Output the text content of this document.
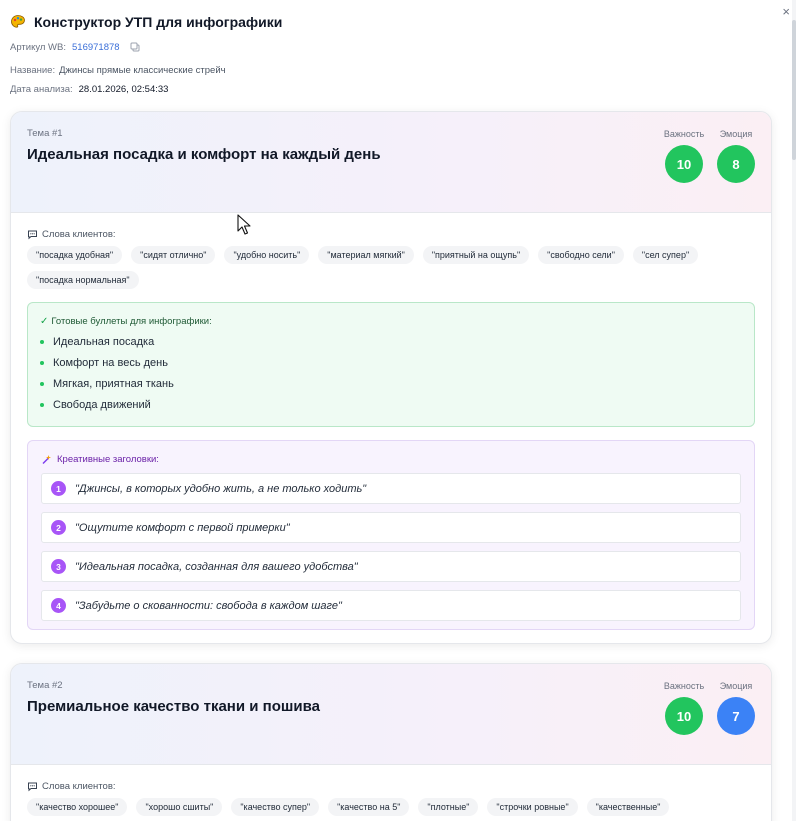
×
Конструктор УТП для инфографики
Артикул WB: 516971878
Название: Джинсы прямые классические стрейч
Дата анализа: 28.01.2026, 02:54:33
Тема #1
Идеальная посадка и комфорт на каждый день
Важность
10
Эмоция
8
Слова клиентов:
"посадка удобная"	"сидят отлично"	"удобно носить"	"материал мягкий"	"приятный на ощупь"	"свободно сели"	"сел супер"
"посадка нормальная"
✓ Готовые буллеты для инфографики:
Идеальная посадка
Комфорт на весь день
Мягкая, приятная ткань
Свобода движений
Креативные заголовки:
1	"Джинсы, в которых удобно жить, а не только ходить"
2	"Ощутите комфорт с первой примерки"
3	"Идеальная посадка, созданная для вашего удобства"
4	"Забудьте о скованности: свобода в каждом шаге"
Тема #2
Премиальное качество ткани и пошива
Важность
10
Эмоция
7
Слова клиентов:
"качество хорошее"	"хорошо сшиты"	"качество супер"	"качество на 5"	"плотные"	"строчки ровные"	"качественные"
